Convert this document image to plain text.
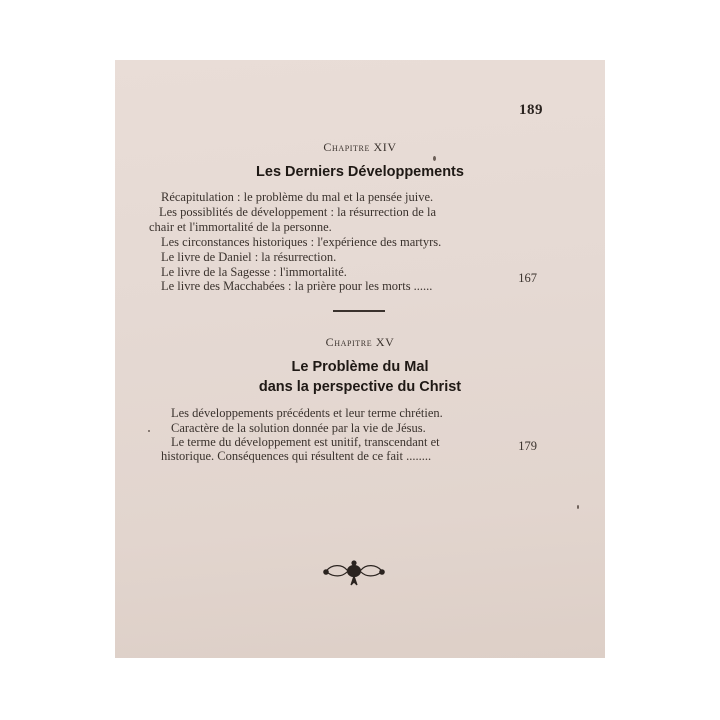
189
Chapitre XIV
Les Derniers Développements
Récapitulation : le problème du mal et la pensée juive.
Les possiblités de développement : la résurrection de la
chair et l'immortalité de la personne.
Les circonstances historiques : l'expérience des martyrs.
Le livre de Daniel : la résurrection.
Le livre de la Sagesse : l'immortalité.
Le livre des Macchabées : la prière pour les morts ......
167
Chapitre XV
Le Problème du Mal
dans la perspective du Christ
Les développements précédents et leur terme chrétien.
Caractère de la solution donnée par la vie de Jésus.
Le terme du développement est unitif, transcendant et
historique. Conséquences qui résultent de ce fait ........
179
